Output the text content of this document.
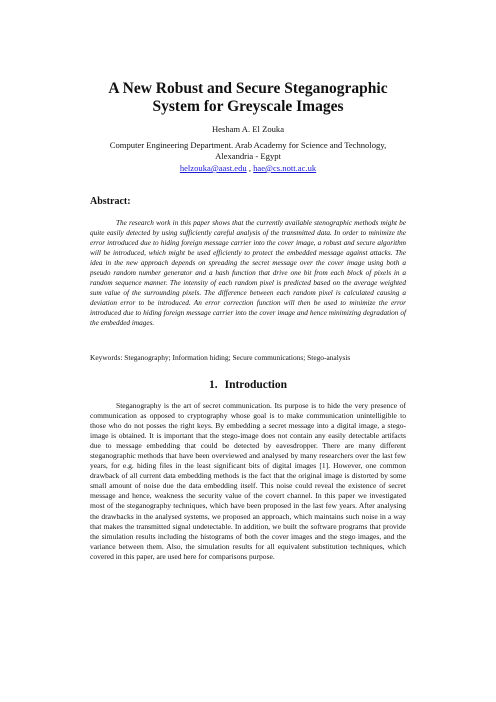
A New Robust and Secure Steganographic
System for Greyscale Images
Hesham A. El Zouka
Computer Engineering Department. Arab Academy for Science and Technology,
Alexandria - Egypt
helzouka@aast.edu , hae@cs.nott.ac.uk
Abstract:

The research work in this paper shows that the currently available stenographic methods might be quite easily detected by using sufficiently careful analysis of the transmitted data. In order to minimize the error introduced due to hiding foreign message carrier into the cover image, a robust and secure algorithm will be introduced, which might be used efficiently to protect the embedded message against attacks. The idea in the new approach depends on spreading the secret message over the cover image using both a pseudo random number generator and a hash function that drive one bit from each block of pixels in a random sequence manner. The intensity of each random pixel is predicted based on the average weighted sum value of the surrounding pixels. The difference between each random pixel is calculated causing a deviation error to be introduced. An error correction function will then be used to minimize the error introduced due to hiding foreign message carrier into the cover image and hence minimizing degradation of the embedded images.

Keywords: Steganography; Information hiding; Secure communications; Stego-analysis
1. Introduction

Steganography is the art of secret communication. Its purpose is to hide the very presence of communication as opposed to cryptography whose goal is to make communication unintelligible to those who do not posses the right keys. By embedding a secret message into a digital image, a stego-image is obtained. It is important that the stego-image does not contain any easily detectable artifacts due to message embedding that could be detected by eavesdropper. There are many different steganographic methods that have been overviewed and analysed by many researchers over the last few years, for e.g. hiding files in the least significant bits of digital images [1]. However, one common drawback of all current data embedding methods is the fact that the original image is distorted by some small amount of noise due the data embedding itself. This noise could reveal the existence of secret message and hence, weakness the security value of the covert channel. In this paper we investigated most of the steganography techniques, which have been proposed in the last few years. After analysing the drawbacks in the analysed systems, we proposed an approach, which maintains such noise in a way that makes the transmitted signal undetectable. In addition, we built the software programs that provide the simulation results including the histograms of both the cover images and the stego images, and the variance between them. Also, the simulation results for all equivalent substitution techniques, which covered in this paper, are used here for comparisons purpose.
